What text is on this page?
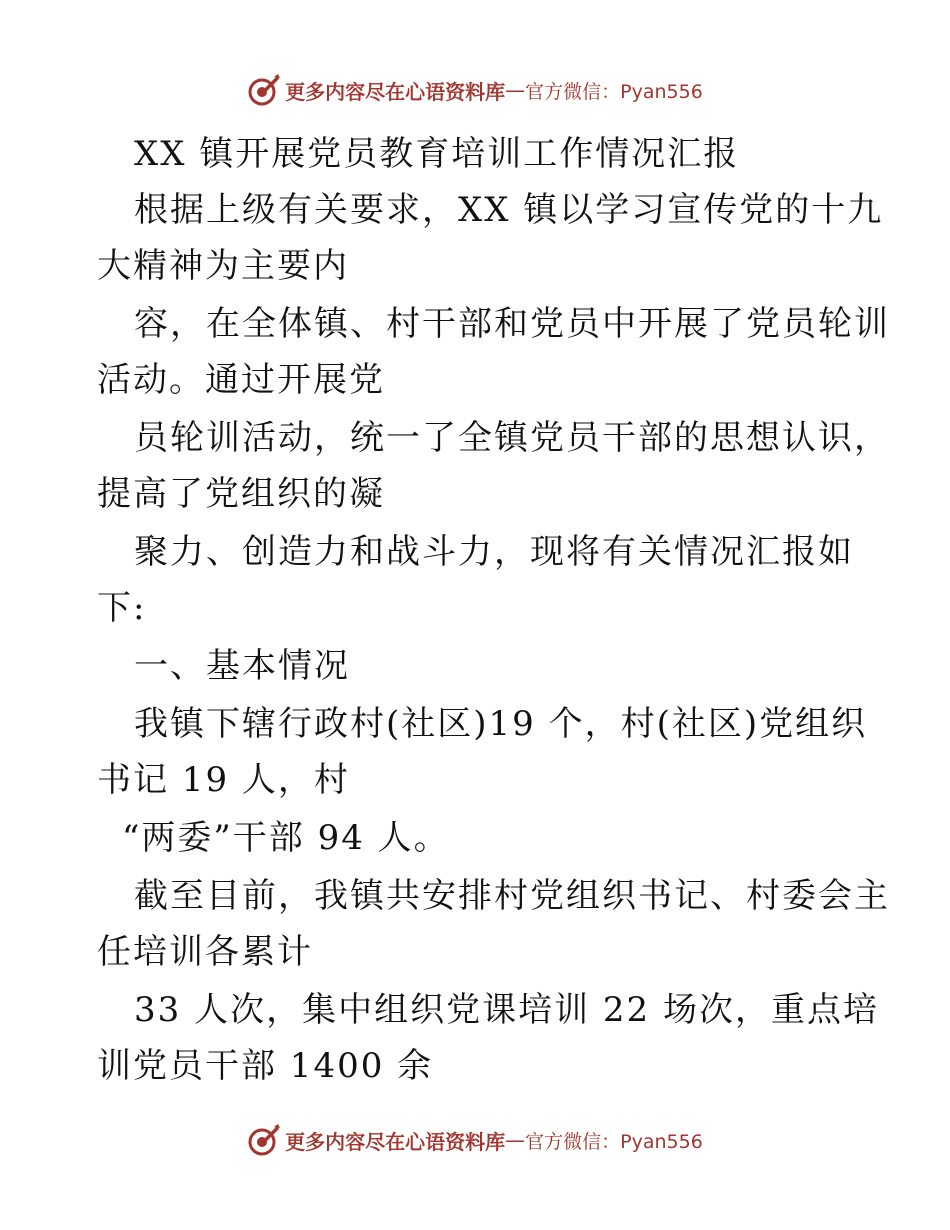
更多内容尽在心语资料库 — 官方微信：Pyan556
XX 镇开展党员教育培训工作情况汇报
根据上级有关要求，XX 镇以学习宣传党的十九
大精神为主要内
容，在全体镇、村干部和党员中开展了党员轮训
活动。通过开展党
员轮训活动，统一了全镇党员干部的思想认识，
提高了党组织的凝
聚力、创造力和战斗力，现将有关情况汇报如
下:
一、基本情况
我镇下辖行政村(社区)19 个，村(社区)党组织
书记 19 人，村
“两委”干部 94 人。
截至目前，我镇共安排村党组织书记、村委会主
任培训各累计
33 人次，集中组织党课培训 22 场次，重点培
训党员干部 1400 余
更多内容尽在心语资料库 — 官方微信：Pyan556
